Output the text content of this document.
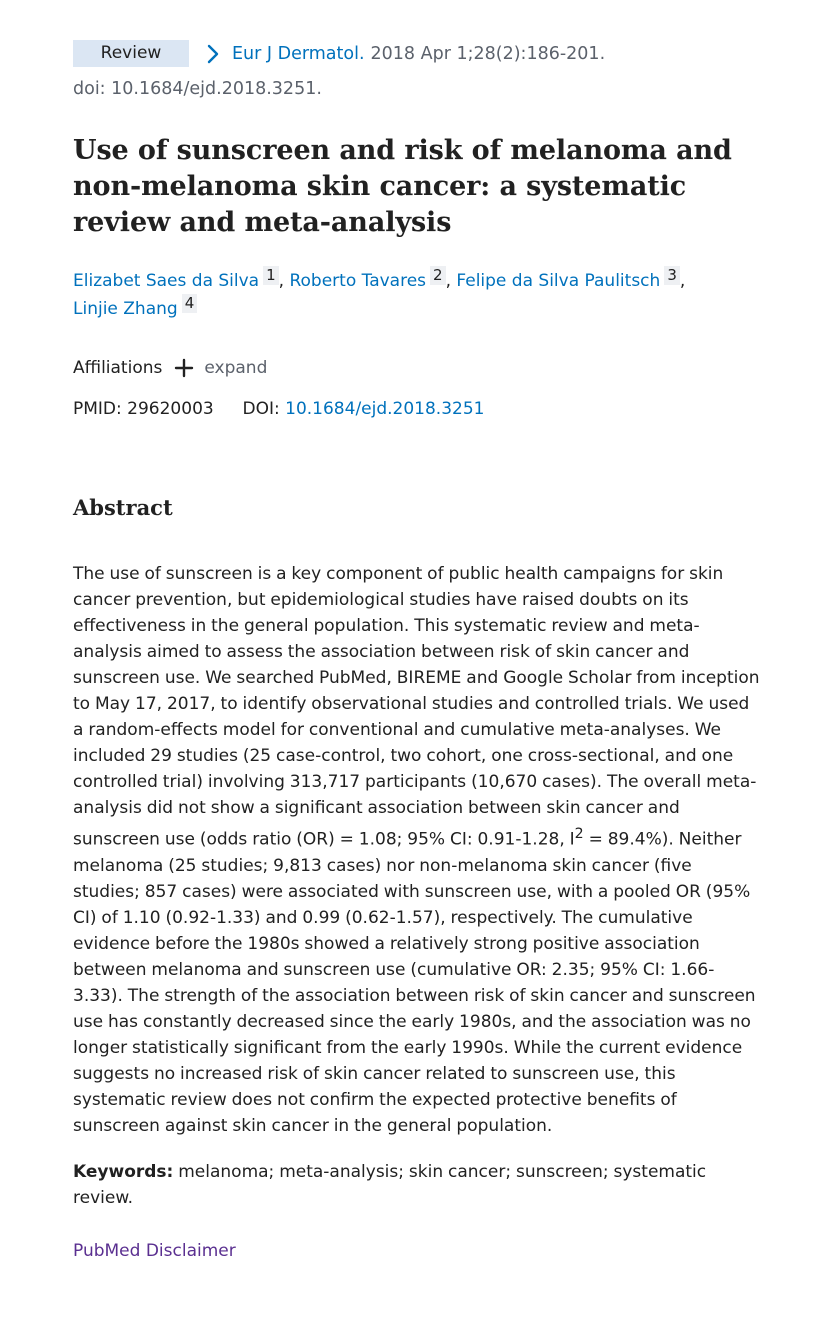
Review	Eur J Dermatol. 2018 Apr 1;28(2):186-201.
doi: 10.1684/ejd.2018.3251.
Use of sunscreen and risk of melanoma and non-melanoma skin cancer: a systematic review and meta-analysis
Elizabet Saes da Silva 1 , Roberto Tavares 2 , Felipe da Silva Paulitsch 3 ,
Linjie Zhang 4
Affiliations expand
PMID: 29620003 DOI: 10.1684/ejd.2018.3251
Abstract
The use of sunscreen is a key component of public health campaigns for skin cancer prevention, but epidemiological studies have raised doubts on its effectiveness in the general population. This systematic review and meta-analysis aimed to assess the association between risk of skin cancer and sunscreen use. We searched PubMed, BIREME and Google Scholar from inception to May 17, 2017, to identify observational studies and controlled trials. We used a random-effects model for conventional and cumulative meta-analyses. We included 29 studies (25 case-control, two cohort, one cross-sectional, and one controlled trial) involving 313,717 participants (10,670 cases). The overall meta-analysis did not show a significant association between skin cancer and sunscreen use (odds ratio (OR) = 1.08; 95% CI: 0.91-1.28, $I^2 = 89.4\%$). Neither melanoma (25 studies; 9,813 cases) nor non-melanoma skin cancer (five studies; 857 cases) were associated with sunscreen use, with a pooled OR (95% CI) of 1.10 (0.92-1.33) and 0.99 (0.62-1.57), respectively. The cumulative evidence before the 1980s showed a relatively strong positive association between melanoma and sunscreen use (cumulative OR: 2.35; 95% CI: 1.66-3.33). The strength of the association between risk of skin cancer and sunscreen use has constantly decreased since the early 1980s, and the association was no longer statistically significant from the early 1990s. While the current evidence suggests no increased risk of skin cancer related to sunscreen use, this systematic review does not confirm the expected protective benefits of sunscreen against skin cancer in the general population.
Keywords: melanoma; meta-analysis; skin cancer; sunscreen; systematic review.
PubMed Disclaimer
